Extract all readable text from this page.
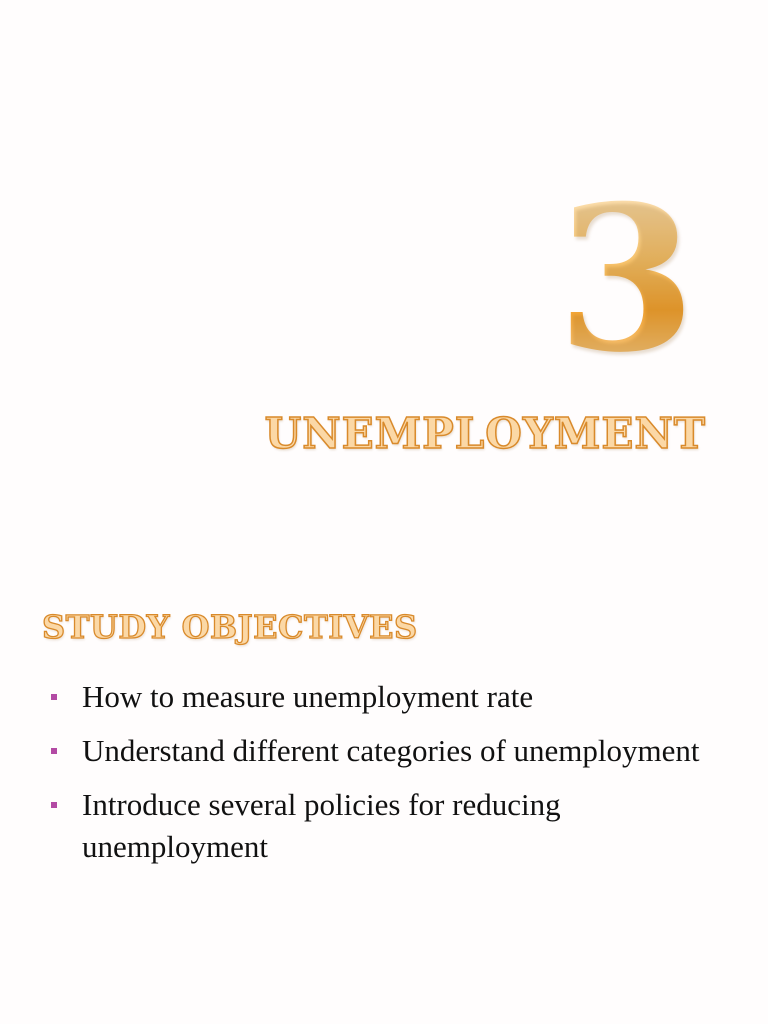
3
UNEMPLOYMENT
STUDY OBJECTIVES
How to measure unemployment rate
Understand different categories of unemployment
Introduce several policies for reducing unemployment
